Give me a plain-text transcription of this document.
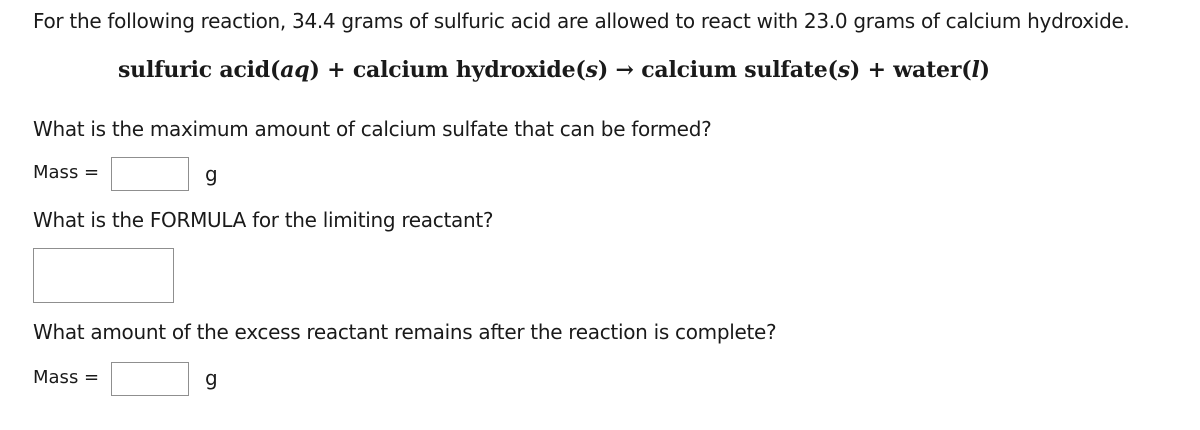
For the following reaction, 34.4 grams of sulfuric acid are allowed to react with 23.0 grams of calcium hydroxide.
sulfuric acid(aq) + calcium hydroxide(s) → calcium sulfate(s) + water(l)
What is the maximum amount of calcium sulfate that can be formed?
Mass =	g
What is the FORMULA for the limiting reactant?
What amount of the excess reactant remains after the reaction is complete?
Mass =	g
